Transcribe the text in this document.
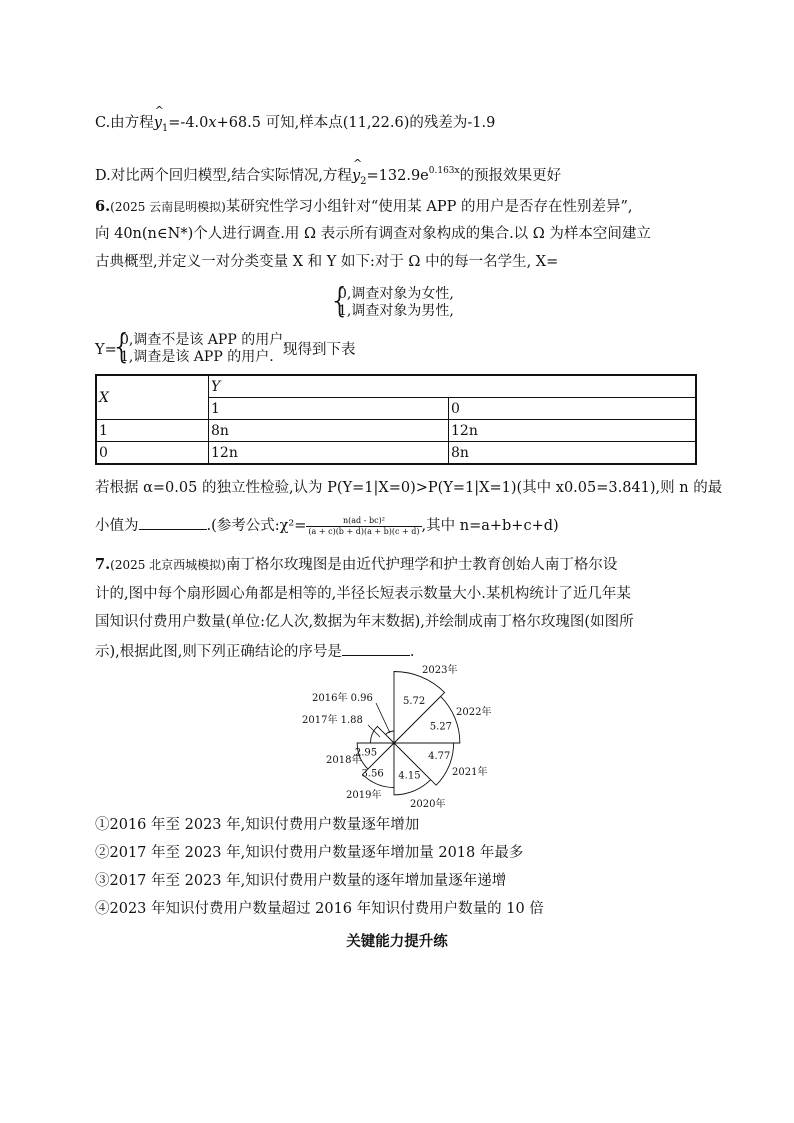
C.由方程^ $y_1=-4.0x+68.5$ 可知,样本点(11,22.6)的残差为-1.9
D.对比两个回归模型,结合实际情况,方程^ $y_2=132.9e^{0.163x}$的预报效果更好
6.(2025 云南昆明模拟)某研究性学习小组针对“使用某 APP 的用户是否存在性别差异”,
向 40n(n∈N*)个人进行调查.用 Ω 表示所有调查对象构成的集合.以 Ω 为样本空间建立
古典概型,并定义一对分类变量 X 和 Y 如下:对于 Ω 中的每一名学生, X=
{
0,调查对象为女性,
1,调查对象为男性,
Y=
{
0,调查不是该 APP 的用户,
1,调查是该 APP 的用户. 现得到下表
X	Y	
	1	0
1	8n	12n
0	12n	8n
若根据 α=0.05 的独立性检验,认为 P(Y=1|X=0)>P(Y=1|X=1)(其中 x0.05=3.841),则 n 的最
小值为	.(参考公式:χ²= $\frac{\text{n(ad - bc)²}}{(a + c)(b + d)(a + b)(c + d)}$ ,其中 n=a+b+c+d)
7.(2025 北京西城模拟)南丁格尔玫瑰图是由近代护理学和护士教育创始人南丁格尔设
计的,图中每个扇形圆心角都是相等的,半径长短表示数量大小.某机构统计了近几年某
国知识付费用户数量(单位:亿人次,数据为年末数据),并绘制成南丁格尔玫瑰图(如图所
示),根据此图,则下列正确结论的序号是	.
2.95
3.56 4.15
4.77
5.27
5.72
2016年 0.96
2017年 1.88
2023年
2022年
2021年
2020年
2019年
2018年
①2016 年至 2023 年,知识付费用户数量逐年增加
②2017 年至 2023 年,知识付费用户数量逐年增加量 2018 年最多
③2017 年至 2023 年,知识付费用户数量的逐年增加量逐年递增
④2023 年知识付费用户数量超过 2016 年知识付费用户数量的 10 倍
关键能力提升练
